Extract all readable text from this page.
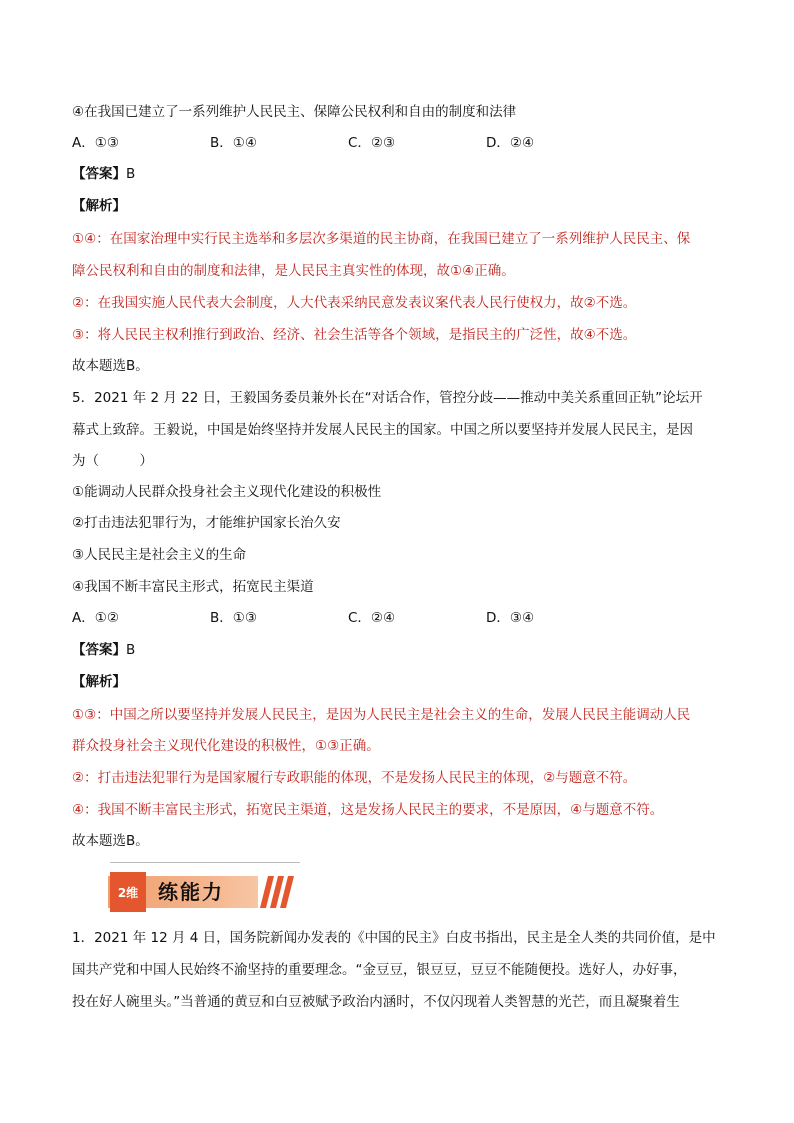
④在我国已建立了一系列维护人民民主、保障公民权利和自由的制度和法律
A．①③	B．①④	C．②③	D．②④
【答案】B
【解析】
①④：在国家治理中实行民主选举和多层次多渠道的民主协商，在我国已建立了一系列维护人民民主、保
障公民权利和自由的制度和法律，是人民民主真实性的体现，故①④正确。
②：在我国实施人民代表大会制度，人大代表采纳民意发表议案代表人民行使权力，故②不选。
③：将人民民主权利推行到政治、经济、社会生活等各个领域，是指民主的广泛性，故④不选。
故本题选B。
5．2021 年 2 月 22 日，王毅国务委员兼外长在“对话合作，管控分歧——推动中美关系重回正轨”论坛开
幕式上致辞。王毅说，中国是始终坚持并发展人民民主的国家。中国之所以要坚持并发展人民民主，是因
为（　　　）
①能调动人民群众投身社会主义现代化建设的积极性
②打击违法犯罪行为，才能维护国家长治久安
③人民民主是社会主义的生命
④我国不断丰富民主形式，拓宽民主渠道
A．①②	B．①③	C．②④	D．③④
【答案】B
【解析】
①③：中国之所以要坚持并发展人民民主，是因为人民民主是社会主义的生命，发展人民民主能调动人民
群众投身社会主义现代化建设的积极性，①③正确。
②：打击违法犯罪行为是国家履行专政职能的体现，不是发扬人民民主的体现，②与题意不符。
④：我国不断丰富民主形式，拓宽民主渠道，这是发扬人民民主的要求，不是原因，④与题意不符。
故本题选B。
2维 练能力
1．2021 年 12 月 4 日，国务院新闻办发表的《中国的民主》白皮书指出，民主是全人类的共同价值，是中
国共产党和中国人民始终不渝坚持的重要理念。“金豆豆，银豆豆，豆豆不能随便投。选好人，办好事，
投在好人碗里头。”当普通的黄豆和白豆被赋予政治内涵时，不仅闪现着人类智慧的光芒，而且凝聚着生
